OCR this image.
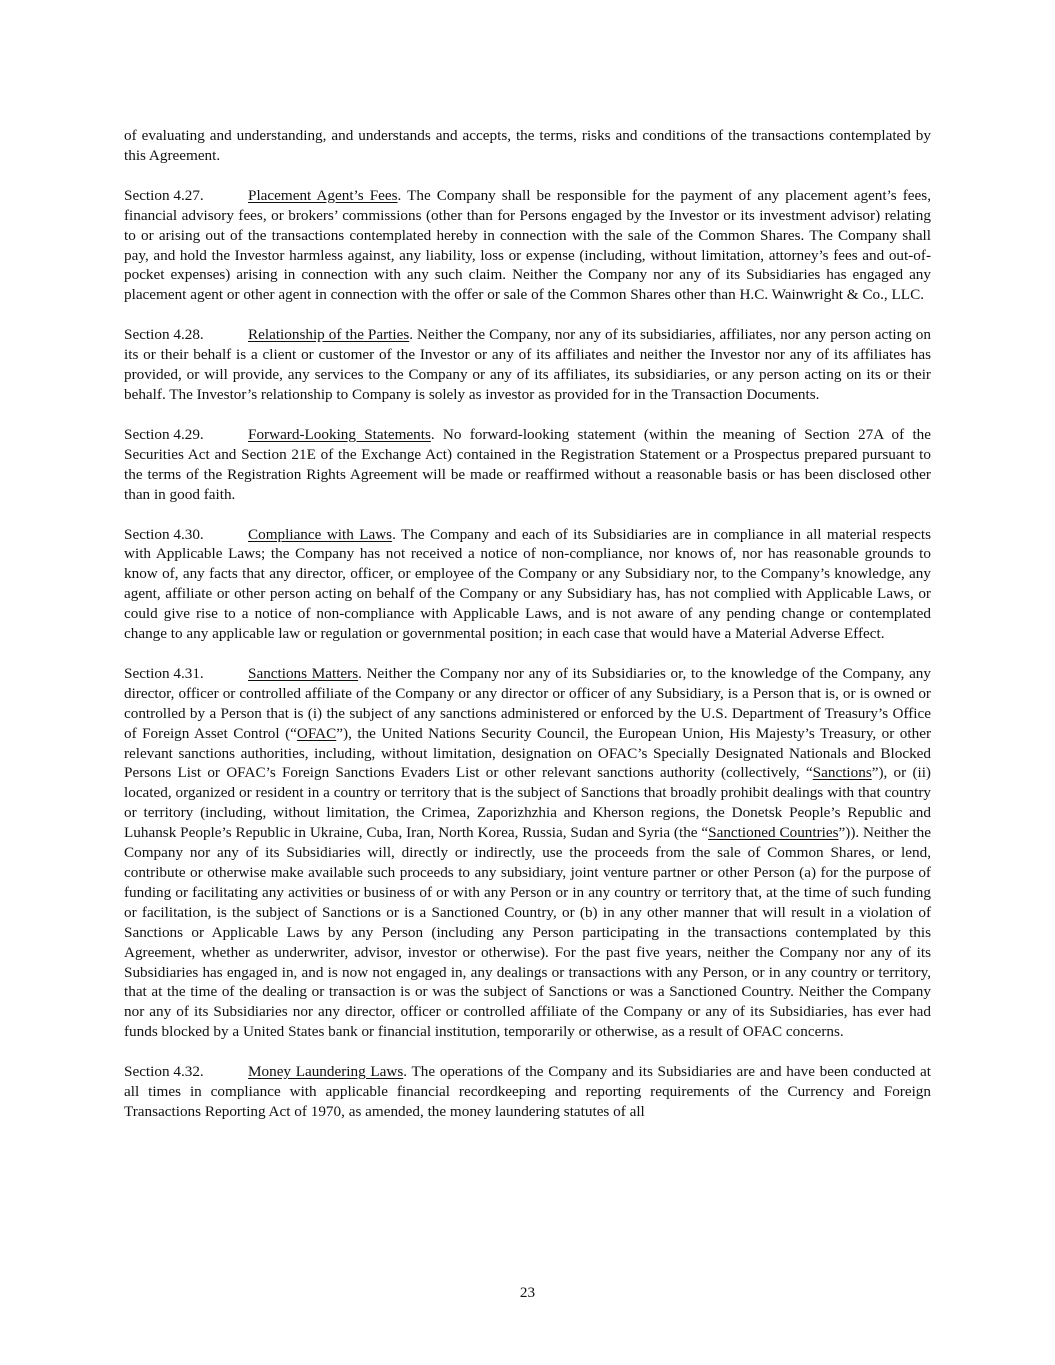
of evaluating and understanding, and understands and accepts, the terms, risks and conditions of the transactions contemplated by this Agreement.

Section 4.27.	Placement Agent’s Fees. The Company shall be responsible for the payment of any placement agent’s fees, financial advisory fees, or brokers’ commissions (other than for Persons engaged by the Investor or its investment advisor) relating to or arising out of the transactions contemplated hereby in connection with the sale of the Common Shares. The Company shall pay, and hold the Investor harmless against, any liability, loss or expense (including, without limitation, attorney’s fees and out-of-pocket expenses) arising in connection with any such claim. Neither the Company nor any of its Subsidiaries has engaged any placement agent or other agent in connection with the offer or sale of the Common Shares other than H.C. Wainwright & Co., LLC.

Section 4.28.	Relationship of the Parties. Neither the Company, nor any of its subsidiaries, affiliates, nor any person acting on its or their behalf is a client or customer of the Investor or any of its affiliates and neither the Investor nor any of its affiliates has provided, or will provide, any services to the Company or any of its affiliates, its subsidiaries, or any person acting on its or their behalf. The Investor’s relationship to Company is solely as investor as provided for in the Transaction Documents.

Section 4.29.	Forward-Looking Statements. No forward-looking statement (within the meaning of Section 27A of the Securities Act and Section 21E of the Exchange Act) contained in the Registration Statement or a Prospectus prepared pursuant to the terms of the Registration Rights Agreement will be made or reaffirmed without a reasonable basis or has been disclosed other than in good faith.

Section 4.30.	Compliance with Laws. The Company and each of its Subsidiaries are in compliance in all material respects with Applicable Laws; the Company has not received a notice of non-compliance, nor knows of, nor has reasonable grounds to know of, any facts that any director, officer, or employee of the Company or any Subsidiary nor, to the Company’s knowledge, any agent, affiliate or other person acting on behalf of the Company or any Subsidiary has, has not complied with Applicable Laws, or could give rise to a notice of non-compliance with Applicable Laws, and is not aware of any pending change or contemplated change to any applicable law or regulation or governmental position; in each case that would have a Material Adverse Effect.

Section 4.31.	Sanctions Matters. Neither the Company nor any of its Subsidiaries or, to the knowledge of the Company, any director, officer or controlled affiliate of the Company or any director or officer of any Subsidiary, is a Person that is, or is owned or controlled by a Person that is (i) the subject of any sanctions administered or enforced by the U.S. Department of Treasury’s Office of Foreign Asset Control (“OFAC”), the United Nations Security Council, the European Union, His Majesty’s Treasury, or other relevant sanctions authorities, including, without limitation, designation on OFAC’s Specially Designated Nationals and Blocked Persons List or OFAC’s Foreign Sanctions Evaders List or other relevant sanctions authority (collectively, “Sanctions”), or (ii) located, organized or resident in a country or territory that is the subject of Sanctions that broadly prohibit dealings with that country or territory (including, without limitation, the Crimea, Zaporizhzhia and Kherson regions, the Donetsk People’s Republic and Luhansk People’s Republic in Ukraine, Cuba, Iran, North Korea, Russia, Sudan and Syria (the “Sanctioned Countries”)). Neither the Company nor any of its Subsidiaries will, directly or indirectly, use the proceeds from the sale of Common Shares, or lend, contribute or otherwise make available such proceeds to any subsidiary, joint venture partner or other Person (a) for the purpose of funding or facilitating any activities or business of or with any Person or in any country or territory that, at the time of such funding or facilitation, is the subject of Sanctions or is a Sanctioned Country, or (b) in any other manner that will result in a violation of Sanctions or Applicable Laws by any Person (including any Person participating in the transactions contemplated by this Agreement, whether as underwriter, advisor, investor or otherwise). For the past five years, neither the Company nor any of its Subsidiaries has engaged in, and is now not engaged in, any dealings or transactions with any Person, or in any country or territory, that at the time of the dealing or transaction is or was the subject of Sanctions or was a Sanctioned Country. Neither the Company nor any of its Subsidiaries nor any director, officer or controlled affiliate of the Company or any of its Subsidiaries, has ever had funds blocked by a United States bank or financial institution, temporarily or otherwise, as a result of OFAC concerns.

Section 4.32.	Money Laundering Laws. The operations of the Company and its Subsidiaries are and have been conducted at all times in compliance with applicable financial recordkeeping and reporting requirements of the Currency and Foreign Transactions Reporting Act of 1970, as amended, the money laundering statutes of all

23
